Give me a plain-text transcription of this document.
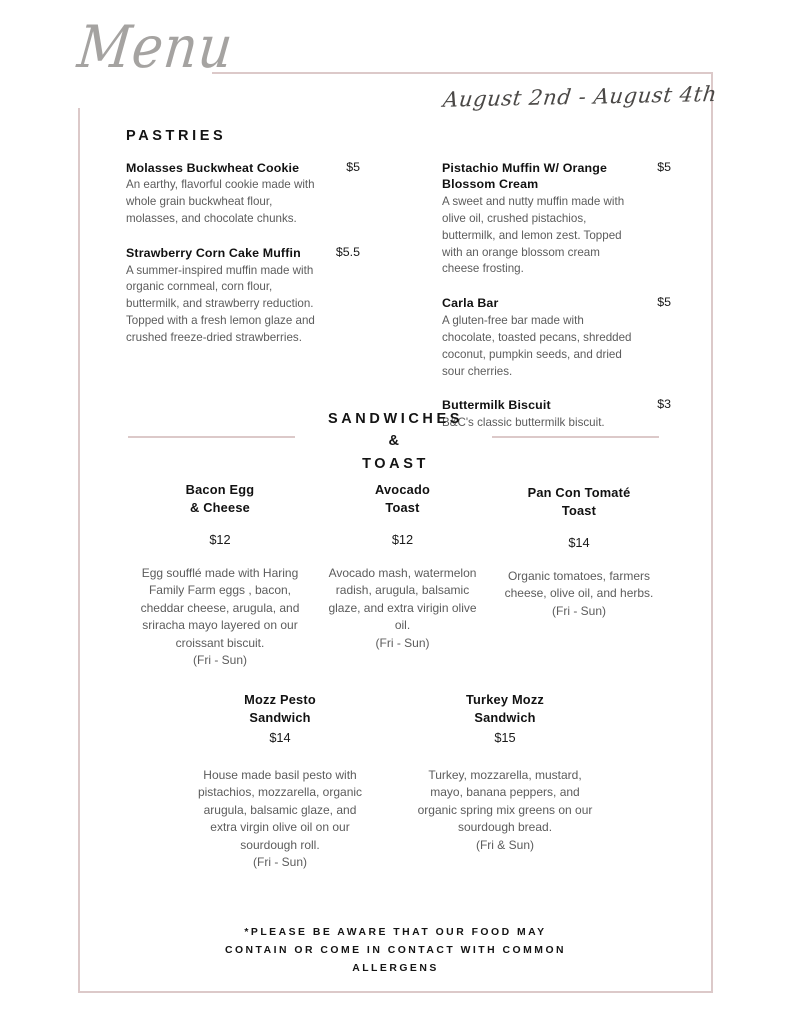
Menu
August 2nd - August 4th
PASTRIES
Molasses Buckwheat Cookie	$5
An earthy, flavorful cookie made with whole grain buckwheat flour, molasses, and chocolate chunks.
Strawberry Corn Cake Muffin	$5.5
A summer-inspired muffin made with organic cornmeal, corn flour, buttermilk, and strawberry reduction. Topped with a fresh lemon glaze and crushed freeze-dried strawberries.
Pistachio Muffin W/ Orange Blossom Cream
$5
A sweet and nutty muffin made with olive oil, crushed pistachios, buttermilk, and lemon zest. Topped with an orange blossom cream cheese frosting.
Carla Bar	$5
A gluten-free bar made with chocolate, toasted pecans, shredded coconut, pumpkin seeds, and dried sour cherries.
Buttermilk Biscuit	$3
B&C's classic buttermilk biscuit.
SANDWICHES
&
TOAST
Bacon Egg
& Cheese
$12
Egg soufflé made with Haring Family Farm eggs , bacon, cheddar cheese, arugula, and sriracha mayo layered on our croissant biscuit.
(Fri - Sun)
Avocado
Toast
$12
Avocado mash, watermelon radish, arugula, balsamic glaze, and extra virigin olive oil.
(Fri - Sun)
Pan Con Tomaté
Toast
$14
Organic tomatoes, farmers cheese, olive oil, and herbs.
(Fri - Sun)
Mozz Pesto
Sandwich
$14
House made basil pesto with pistachios, mozzarella, organic arugula, balsamic glaze, and extra virgin olive oil on our sourdough roll.
(Fri - Sun)
Turkey Mozz
Sandwich
$15
Turkey, mozzarella, mustard, mayo, banana peppers, and organic spring mix greens on our sourdough bread.
(Fri & Sun)
*PLEASE BE AWARE THAT OUR FOOD MAY
CONTAIN OR COME IN CONTACT WITH COMMON
ALLERGENS
